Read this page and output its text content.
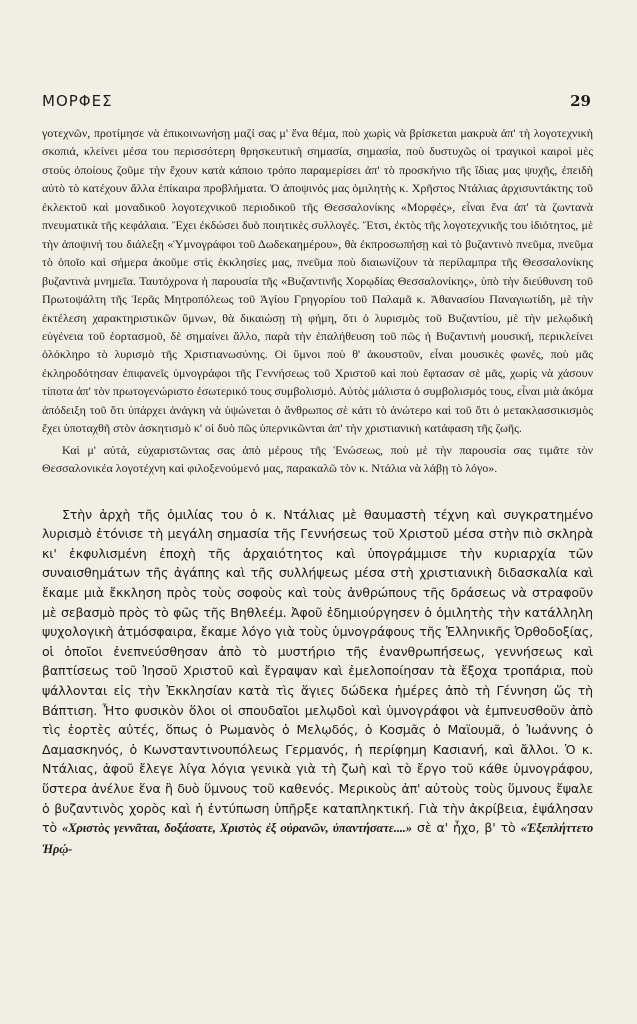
ΜΟΡΦΕΣ	29

γοτεχνῶν, προτίμησε νὰ ἐπικοινωνήσῃ μαζί σας μ' ἕνα θέμα, ποὺ χωρὶς νὰ βρίσκεται μακρυὰ ἀπ' τὴ λογοτεχνικὴ σκοπιά, κλείνει μέσα του περισσότερη θρησκευτικὴ σημασία, σημασία, ποὺ δυστυχῶς οἱ τραγικοὶ καιροὶ μὲς στοὺς ὁποίους ζοῦμε τὴν ἔχουν κατὰ κάποιο τρόπο παραμερίσει ἀπ' τὸ προσκήνιο τῆς ἴδιας μας ψυχῆς, ἐπειδὴ αὐτὸ τὸ κατέχουν ἄλλα ἐπίκαιρα προβλήματα. Ὁ ἀποψινός μας ὁμιλητὴς κ. Χρῆστος Ντάλιας ἀρχισυντάκτης τοῦ ἐκλεκτοῦ καὶ μοναδικοῦ λογοτεχνικοῦ περιοδικοῦ τῆς Θεσσαλονίκης «Μορφές», εἶναι ἕνα ἀπ' τὰ ζωντανὰ πνευματικὰ τῆς κεφάλαια. Ἔχει ἐκδώσει δυὸ ποιητικὲς συλλογές. Ἔτσι, ἐκτὸς τῆς λογοτεχνικῆς του ἰδιότητος, μὲ τὴν ἀποψινή του διάλεξη «Ὑμνογράφοι τοῦ Δωδεκαημέρου», θὰ ἐκπροσωπήσῃ καὶ τὸ βυζαντινὸ πνεῦμα, πνεῦμα τὸ ὁποῖο καὶ σήμερα ἀκοῦμε στὶς ἐκκλησίες μας, πνεῦμα ποὺ διαιωνίζουν τὰ περίλαμπρα τῆς Θεσσαλονίκης βυζαντινὰ μνημεῖα. Ταυτόχρονα ἡ παρουσία τῆς «Βυζαντινῆς Χορῳδίας Θεσσαλονίκης», ὑπὸ τὴν διεύθυνση τοῦ Πρωτοψάλτη τῆς Ἱερᾶς Μητροπόλεως τοῦ Ἁγίου Γρηγορίου τοῦ Παλαμᾶ κ. Ἀθανασίου Παναγιωτίδη, μὲ τὴν ἐκτέλεση χαρακτηριστικῶν ὕμνων, θὰ δικαιώσῃ τὴ φήμη, ὅτι ὁ λυρισμὸς τοῦ Βυζαντίου, μὲ τὴν μελῳδικὴ εὐγένεια τοῦ ἑορτασμοῦ, δὲ σημαίνει ἄλλο, παρὰ τὴν ἐπαλήθευση τοῦ πῶς ἡ Βυζαντινὴ μουσική, περικλείνει ὁλόκληρο τὸ λυρισμὸ τῆς Χριστιανωσύνης. Οἱ ὕμνοι ποὺ θ' ἀκουστοῦν, εἶναι μουσικὲς φωνές, ποὺ μᾶς ἐκληροδότησαν ἐπιφανεῖς ὑμνογράφοι τῆς Γεννήσεως τοῦ Χριστοῦ καὶ ποὺ ἔφτασαν σὲ μᾶς, χωρὶς νὰ χάσουν τίποτα ἀπ' τὸν πρωτογενώριστο ἐσωτερικό τους συμβολισμό. Αὐτὸς μάλιστα ὁ συμβολισμός τους, εἶναι μιὰ ἀκόμα ἀπόδειξη τοῦ ὅτι ὑπάρχει ἀνάγκη νὰ ὑψώνεται ὁ ἄνθρωπος σὲ κάτι τὸ ἀνώτερο καὶ τοῦ ὅτι ὁ μετακλασσικισμὸς ἔχει ὑποταχθῆ στὸν ἀσκητισμὸ κ' οἱ δυὸ πῶς ὑπερνικῶνται ἀπ' τὴν χριστιανικὴ κατάφαση τῆς ζωῆς.

Καὶ μ' αὐτά, εὐχαριστῶντας σας ἀπὸ μέρους τῆς Ἑνώσεως, ποὺ μὲ τὴν παρουσία σας τιμᾶτε τὸν Θεσσαλονικέα λογοτέχνη καὶ φιλοξενούμενό μας, παρακαλῶ τὸν κ. Ντάλια νὰ λάβῃ τὸ λόγο».

Στὴν ἀρχὴ τῆς ὁμιλίας του ὁ κ. Ντάλιας μὲ θαυμαστὴ τέχνη καὶ συγκρατημένο λυρισμὸ ἐτόνισε τὴ μεγάλη σημασία τῆς Γεννήσεως τοῦ Χριστοῦ μέσα στὴν πιὸ σκληρὰ κι' ἐκφυλισμένη ἐποχὴ τῆς ἀρχαιότητος καὶ ὑπογράμμισε τὴν κυριαρχία τῶν συναισθημάτων τῆς ἀγάπης καὶ τῆς συλλήψεως μέσα στὴ χριστιανικὴ διδασκαλία καὶ ἔκαμε μιὰ ἔκκληση πρὸς τοὺς σοφοὺς καὶ τοὺς ἀνθρώπους τῆς δράσεως νὰ στραφοῦν μὲ σεβασμὸ πρὸς τὸ φῶς τῆς Βηθλεέμ. Ἀφοῦ ἐδημιούργησεν ὁ ὁμιλητὴς τὴν κατάλληλη ψυχολογικὴ ἀτμόσφαιρα, ἔκαμε λόγο γιὰ τοὺς ὑμνογράφους τῆς Ἑλληνικῆς Ὀρθοδοξίας, οἱ ὁποῖοι ἐνεπνεύσθησαν ἀπὸ τὸ μυστήριο τῆς ἐνανθρωπήσεως, γεννήσεως καὶ βαπτίσεως τοῦ Ἰησοῦ Χριστοῦ καὶ ἔγραψαν καὶ ἐμελοποίησαν τὰ ἔξοχα τροπάρια, ποὺ ψάλλονται εἰς τὴν Ἐκκλησίαν κατὰ τὶς ἅγιες δώδεκα ἡμέρες ἀπὸ τὴ Γέννηση ὥς τὴ Βάπτιση. Ἦτο φυσικὸν ὅλοι οἱ σπουδαῖοι μελῳδοὶ καὶ ὑμνογράφοι νὰ ἐμπνευσθοῦν ἀπὸ τὶς ἑορτὲς αὐτές, ὅπως ὁ Ρωμανὸς ὁ Μελῳδός, ὁ Κοσμᾶς ὁ Μαϊουμᾶ, ὁ Ἰωάννης ὁ Δαμασκηνός, ὁ Κωνσταντινουπόλεως Γερμανός, ἡ περίφημη Κασιανή, καὶ ἄλλοι. Ὁ κ. Ντάλιας, ἀφοῦ ἔλεγε λίγα λόγια γενικὰ γιὰ τὴ ζωὴ καὶ τὸ ἔργο τοῦ κάθε ὑμνογράφου, ὕστερα ἀνέλυε ἕνα ἢ δυὸ ὕμνους τοῦ καθενός. Μερικοὺς ἀπ' αὐτοὺς τοὺς ὕμνους ἔψαλε ὁ βυζαντινὸς χορὸς καὶ ἡ ἐντύπωση ὑπῆρξε καταπληκτική. Γιὰ τὴν ἀκρίβεια, ἐψάλησαν τὸ «Χριστὸς γεννᾶται, δοξάσατε, Χριστὸς ἐξ οὐρανῶν, ὑπαντήσατε....» σὲ α' ἦχο, β' τὸ «Ἐξεπλήττετο Ἡρῴ-
